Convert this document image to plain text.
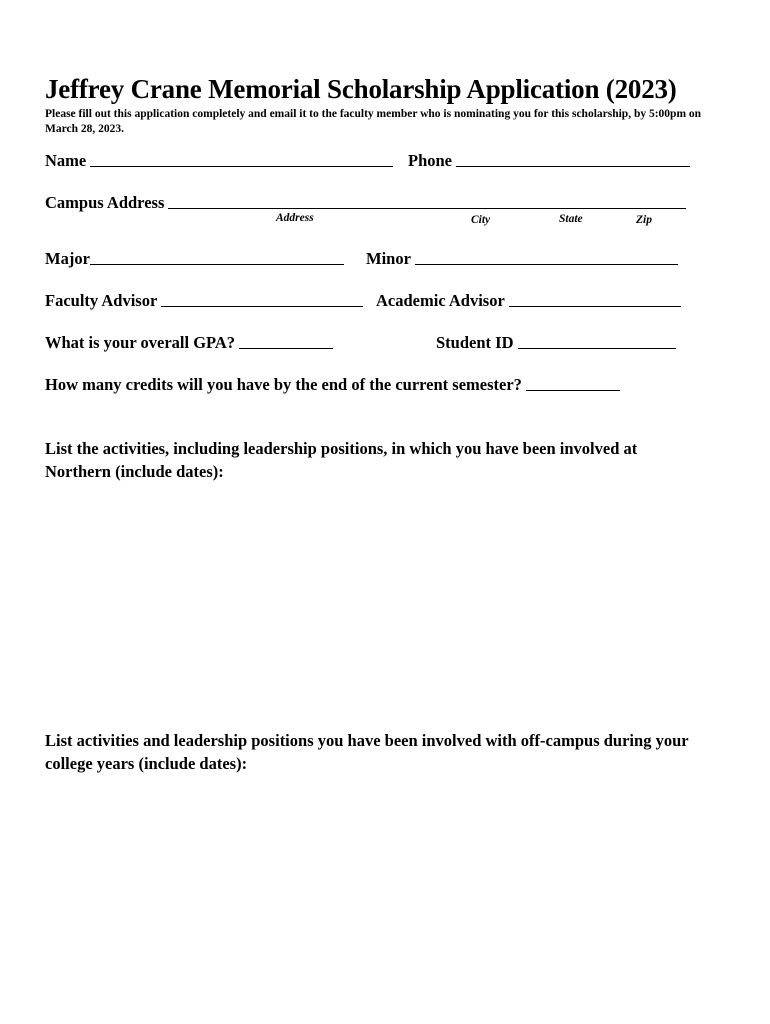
Jeffrey Crane Memorial Scholarship Application (2023)
Please fill out this application completely and email it to the faculty member who is nominating you for this scholarship, by 5:00pm on March 28, 2023.
Name	Phone
Campus Address
Address	City	State	Zip
Major	Minor
Faculty Advisor	Academic Advisor
What is your overall GPA?	Student ID
How many credits will you have by the end of the current semester?
List the activities, including leadership positions, in which you have been involved at Northern (include dates):
List activities and leadership positions you have been involved with off-campus during your college years (include dates):
